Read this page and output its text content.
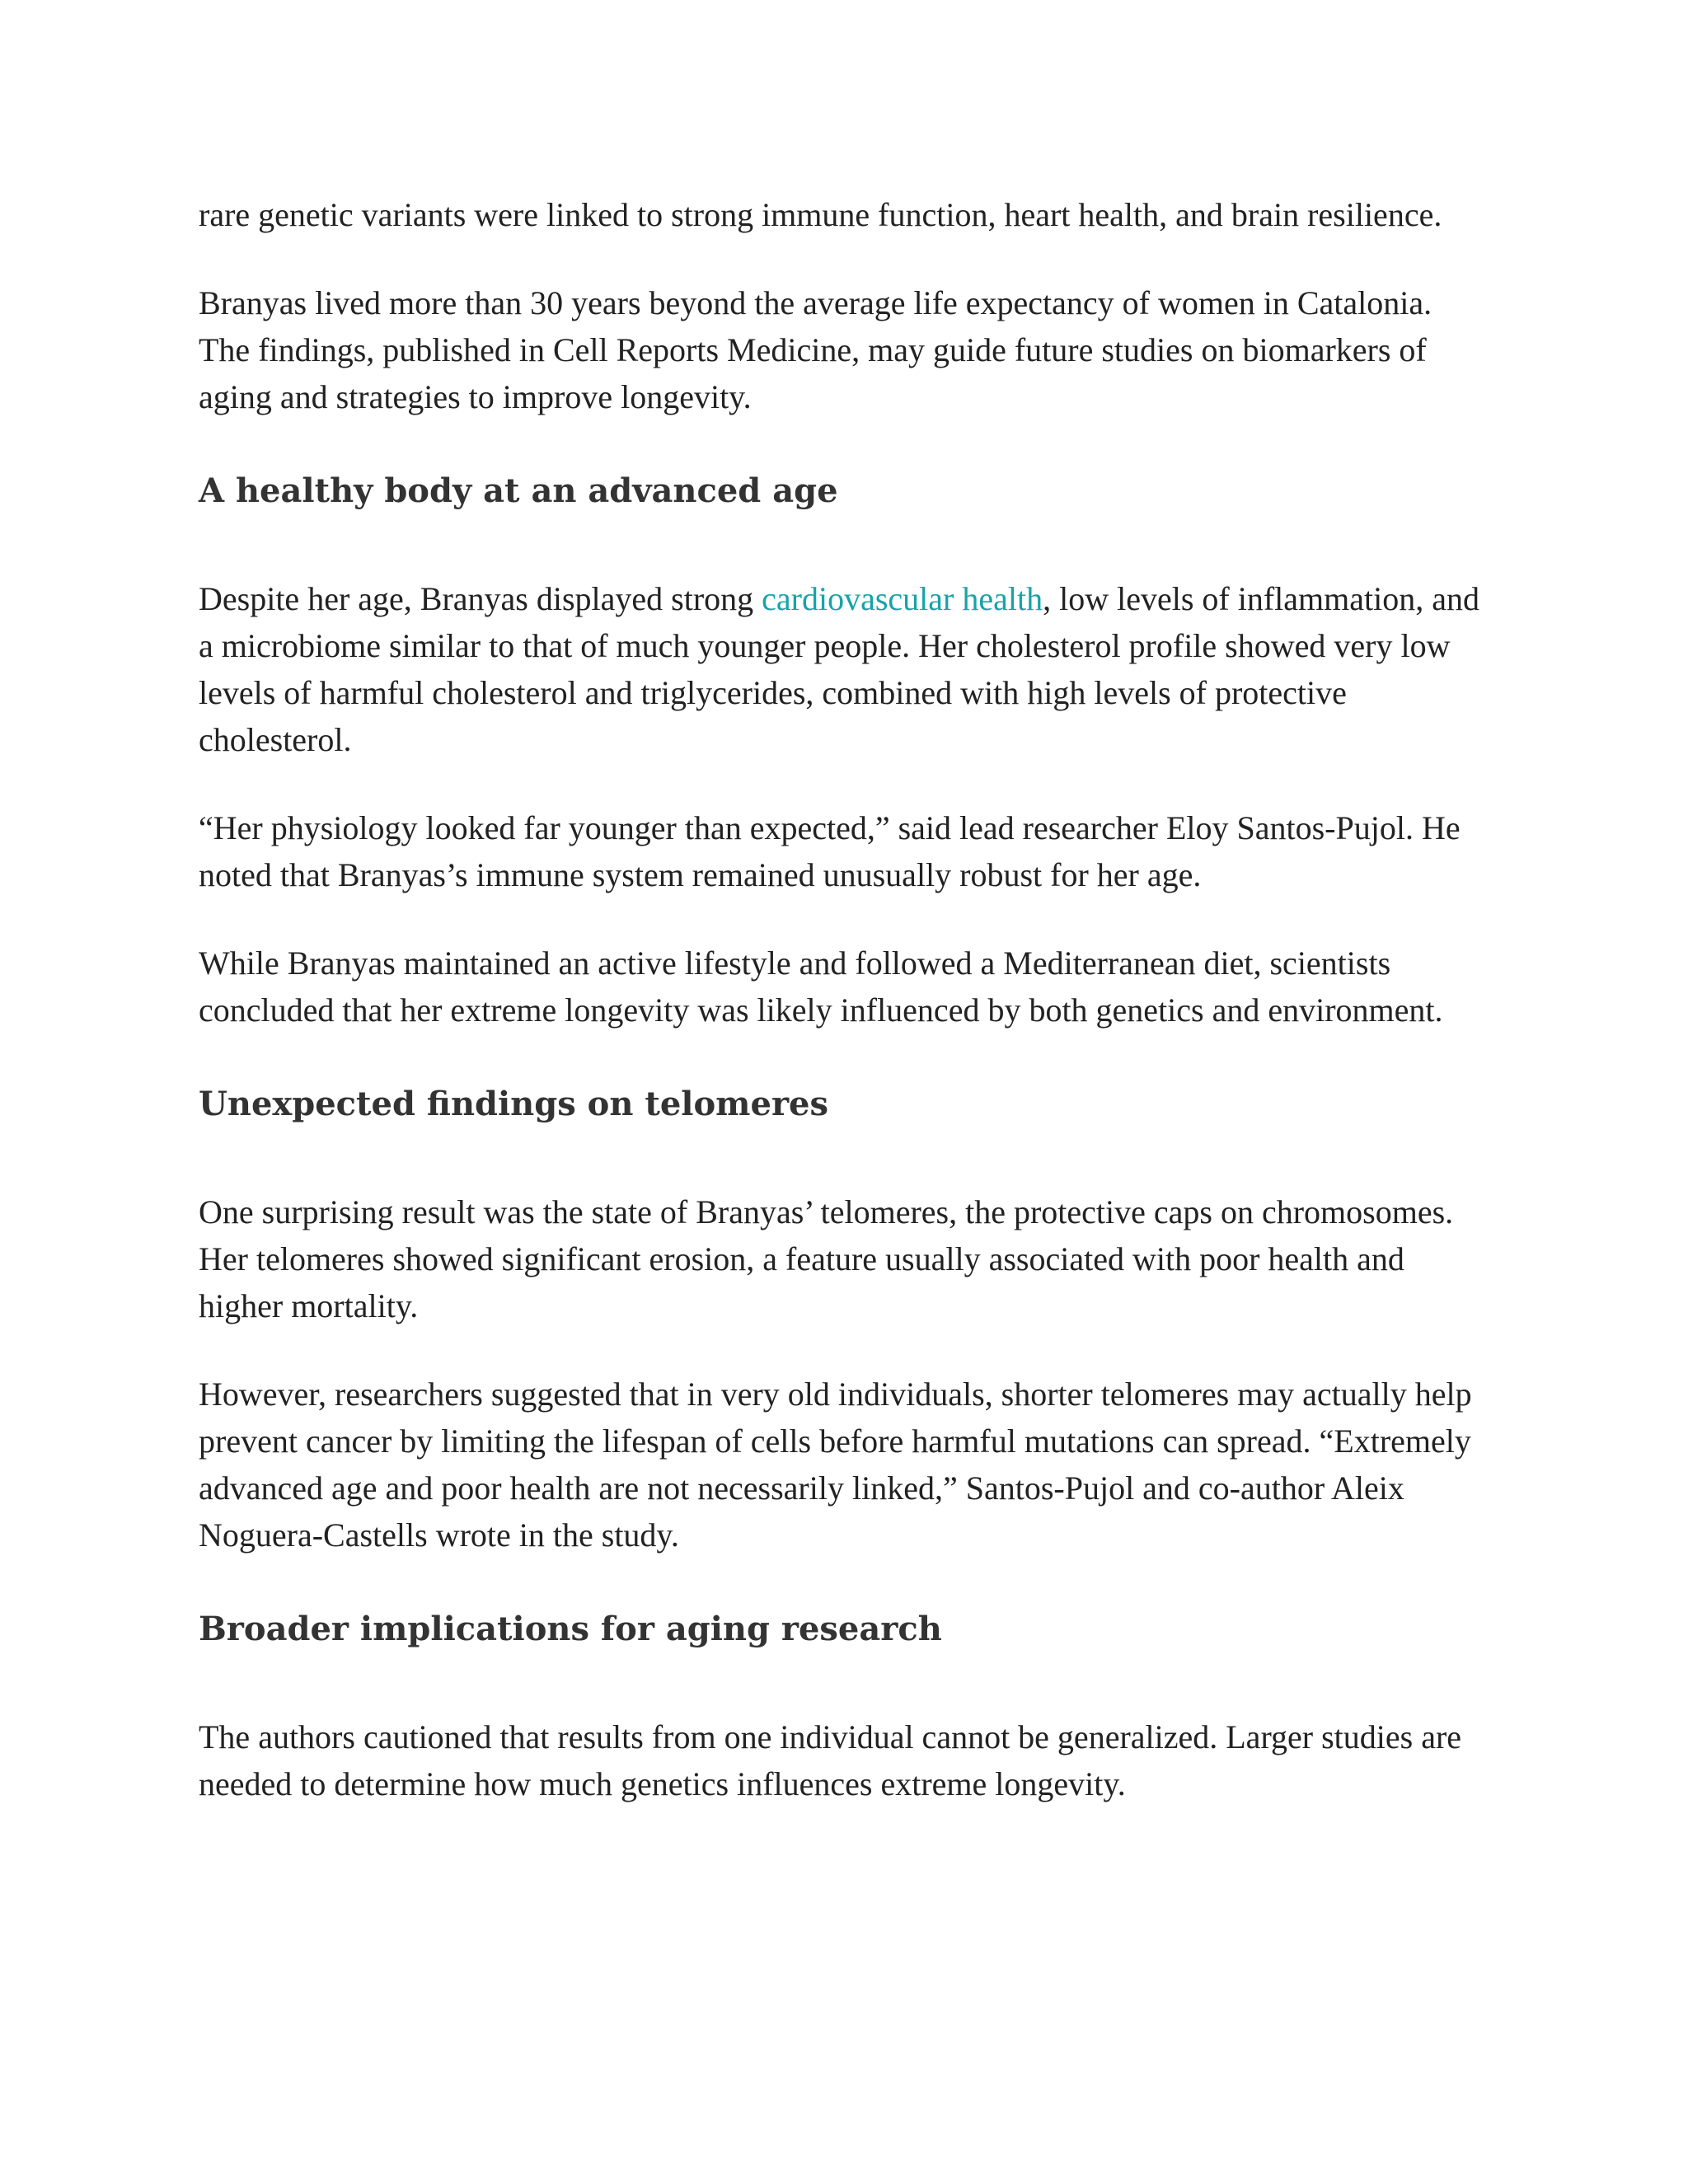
rare genetic variants were linked to strong immune function, heart health, and brain resilience.

Branyas lived more than 30 years beyond the average life expectancy of women in Catalonia. The findings, published in Cell Reports Medicine, may guide future studies on biomarkers of aging and strategies to improve longevity.

A healthy body at an advanced age

Despite her age, Branyas displayed strong cardiovascular health, low levels of inflammation, and a microbiome similar to that of much younger people. Her cholesterol profile showed very low levels of harmful cholesterol and triglycerides, combined with high levels of protective cholesterol.

“Her physiology looked far younger than expected,” said lead researcher Eloy Santos-Pujol. He noted that Branyas’s immune system remained unusually robust for her age.

While Branyas maintained an active lifestyle and followed a Mediterranean diet, scientists concluded that her extreme longevity was likely influenced by both genetics and environment.

Unexpected findings on telomeres

One surprising result was the state of Branyas’ telomeres, the protective caps on chromosomes. Her telomeres showed significant erosion, a feature usually associated with poor health and higher mortality.

However, researchers suggested that in very old individuals, shorter telomeres may actually help prevent cancer by limiting the lifespan of cells before harmful mutations can spread. “Extremely advanced age and poor health are not necessarily linked,” Santos-Pujol and co-author Aleix Noguera-Castells wrote in the study.

Broader implications for aging research

The authors cautioned that results from one individual cannot be generalized. Larger studies are needed to determine how much genetics influences extreme longevity.
